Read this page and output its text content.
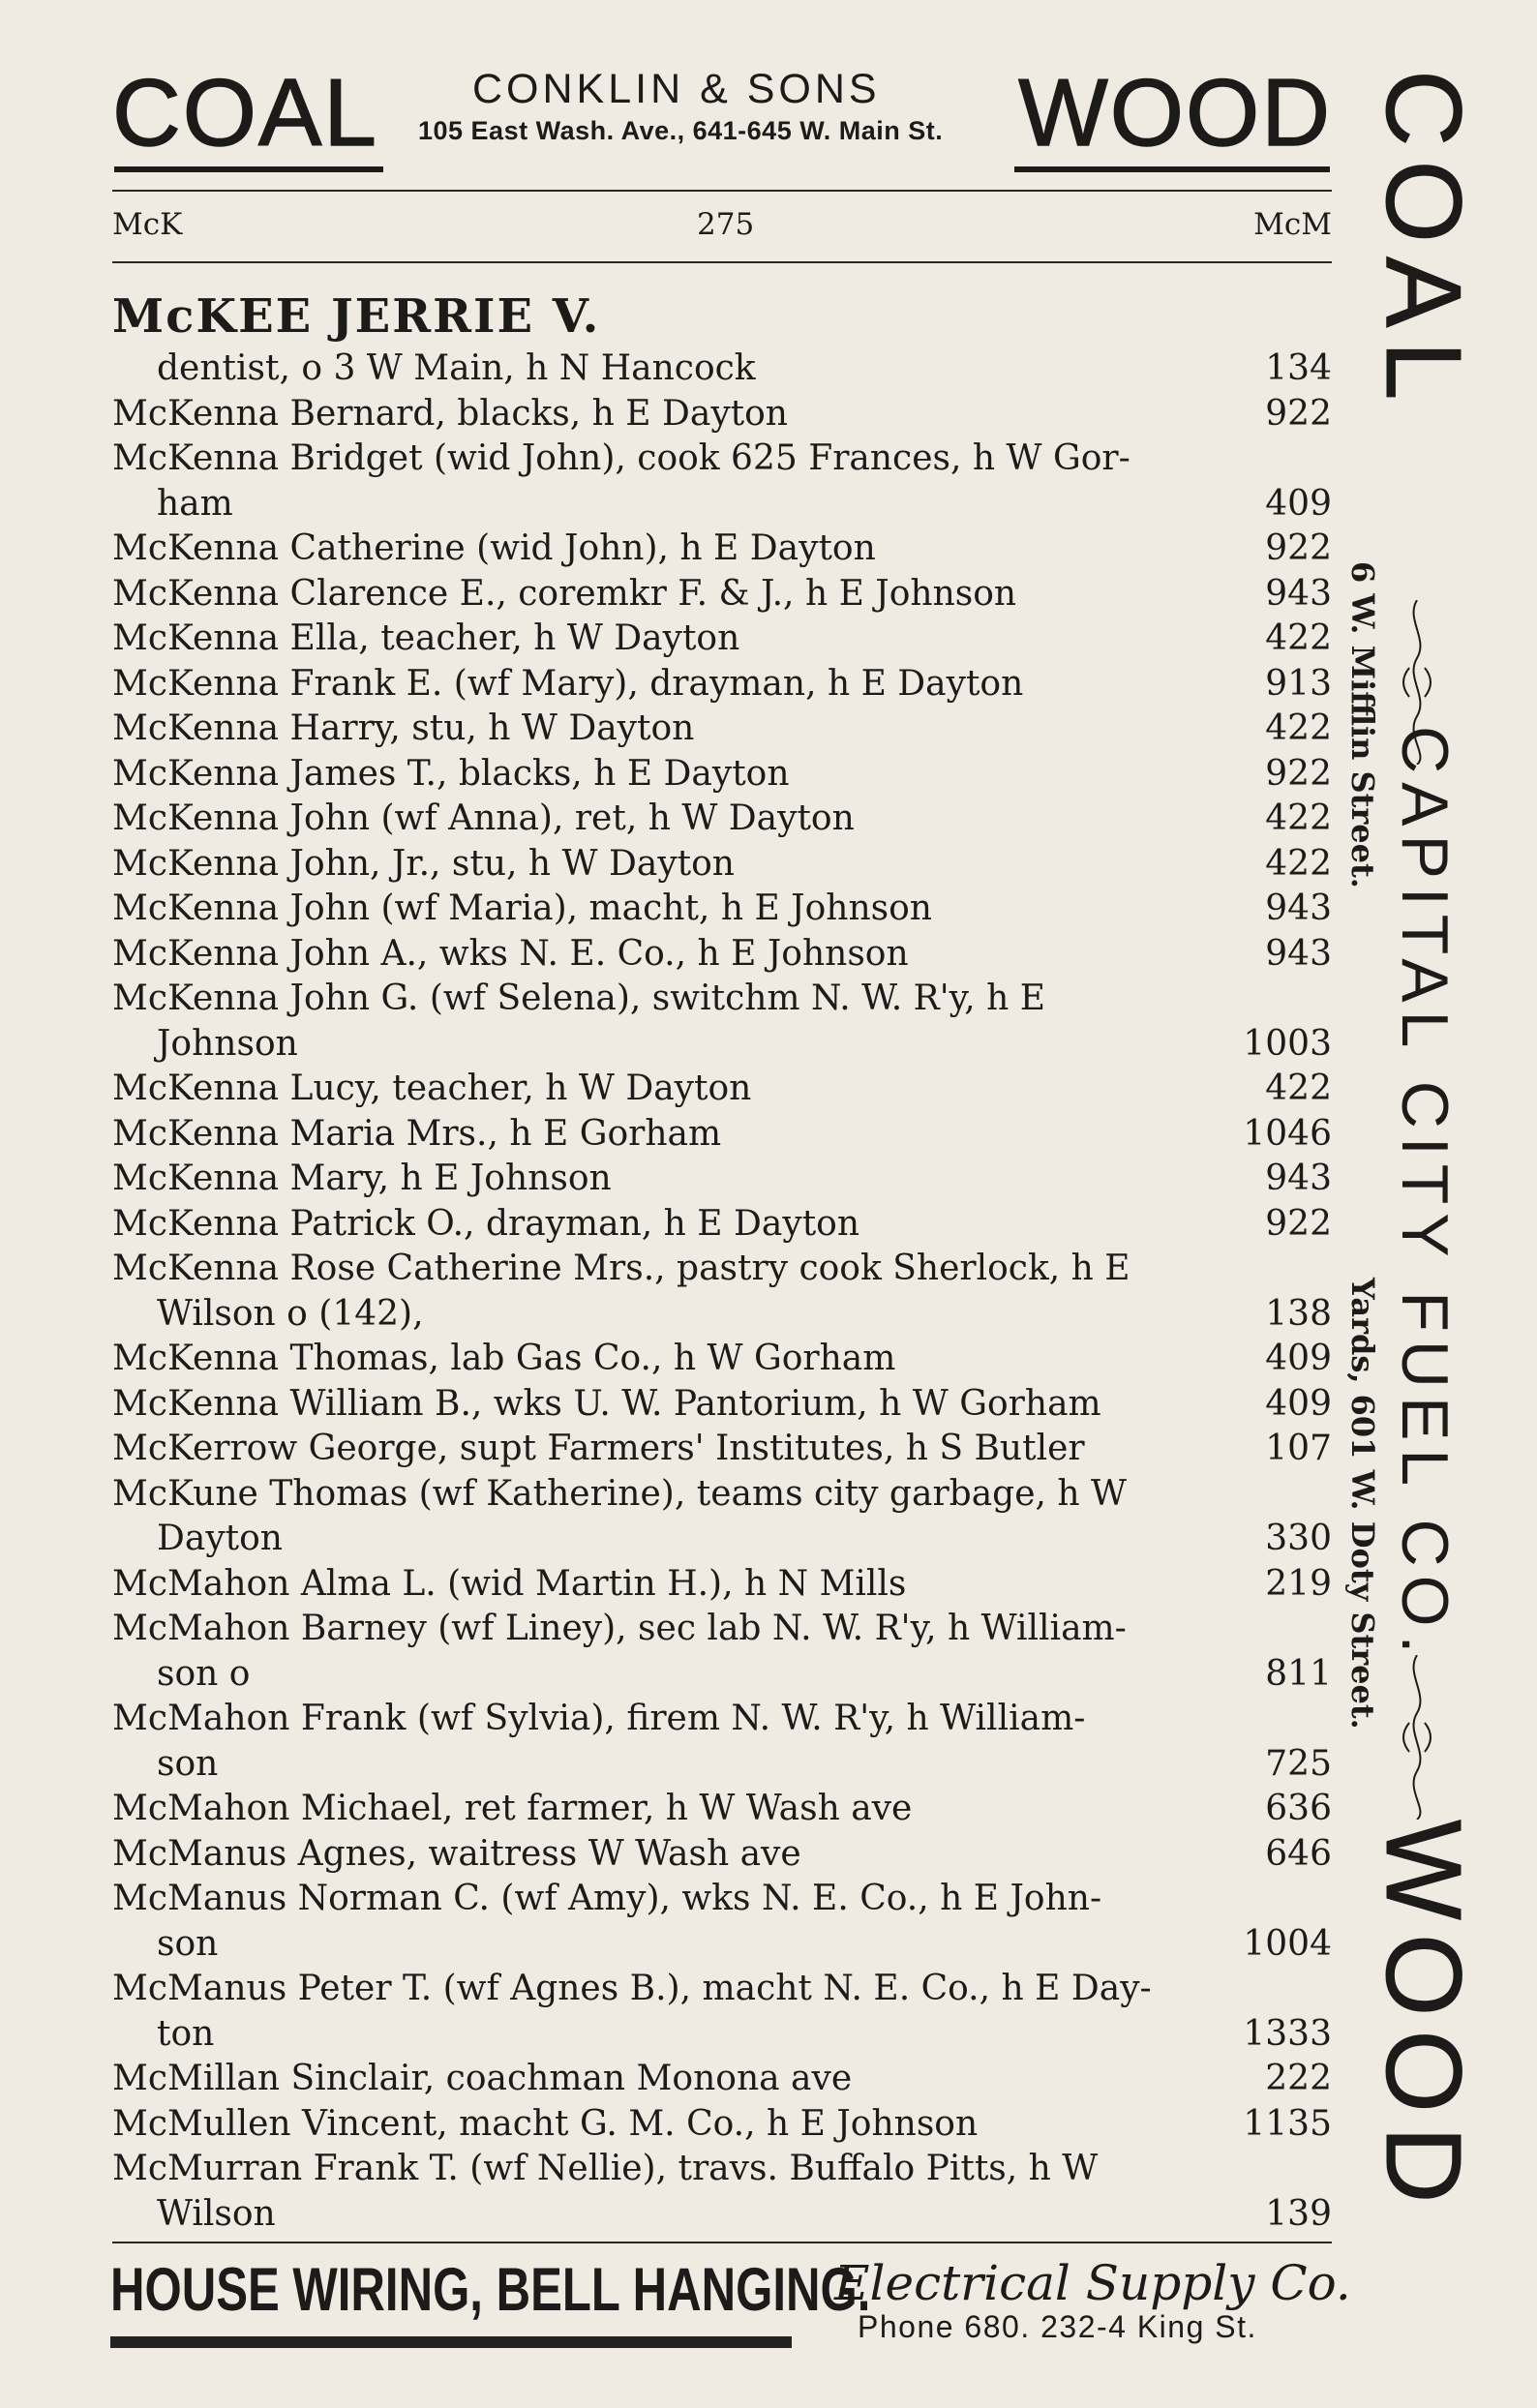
COAL CONKLIN & SONS
105 East Wash. Ave., 641-645 W. Main St. WOOD
McK	275	McM
McKEE JERRIE V.
dentist, o 3 W Main, h N Hancock	134
McKenna Bernard, blacks, h E Dayton	922
McKenna Bridget (wid John), cook 625 Frances, h W Gor-
ham	409
McKenna Catherine (wid John), h E Dayton	922
McKenna Clarence E., coremkr F. & J., h E Johnson	943
McKenna Ella, teacher, h W Dayton	422
McKenna Frank E. (wf Mary), drayman, h E Dayton	913
McKenna Harry, stu, h W Dayton	422
McKenna James T., blacks, h E Dayton	922
McKenna John (wf Anna), ret, h W Dayton	422
McKenna John, Jr., stu, h W Dayton	422
McKenna John (wf Maria), macht, h E Johnson	943
McKenna John A., wks N. E. Co., h E Johnson	943
McKenna John G. (wf Selena), switchm N. W. R'y, h E
Johnson	1003
McKenna Lucy, teacher, h W Dayton	422
McKenna Maria Mrs., h E Gorham	1046
McKenna Mary, h E Johnson	943
McKenna Patrick O., drayman, h E Dayton	922
McKenna Rose Catherine Mrs., pastry cook Sherlock, h E
Wilson o (142),	138
McKenna Thomas, lab Gas Co., h W Gorham	409
McKenna William B., wks U. W. Pantorium, h W Gorham	409
McKerrow George, supt Farmers' Institutes, h S Butler	107
McKune Thomas (wf Katherine), teams city garbage, h W
Dayton	330
McMahon Alma L. (wid Martin H.), h N Mills	219
McMahon Barney (wf Liney), sec lab N. W. R'y, h William-
son o	811
McMahon Frank (wf Sylvia), firem N. W. R'y, h William-
son	725
McMahon Michael, ret farmer, h W Wash ave	636
McManus Agnes, waitress W Wash ave	646
McManus Norman C. (wf Amy), wks N. E. Co., h E John-
son	1004
McManus Peter T. (wf Agnes B.), macht N. E. Co., h E Day-
ton	1333
McMillan Sinclair, coachman Monona ave	222
McMullen Vincent, macht G. M. Co., h E Johnson	1135
McMurran Frank T. (wf Nellie), travs. Buffalo Pitts, h W
Wilson	139
HOUSE WIRING, BELL HANGING.
Electrical Supply Co.
Phone 680. 232-4 King St.
COAL
6 W. Mifflin Street.
CAPITAL CITY FUEL CO.
Yards, 601 W. Doty Street.
WOOD
